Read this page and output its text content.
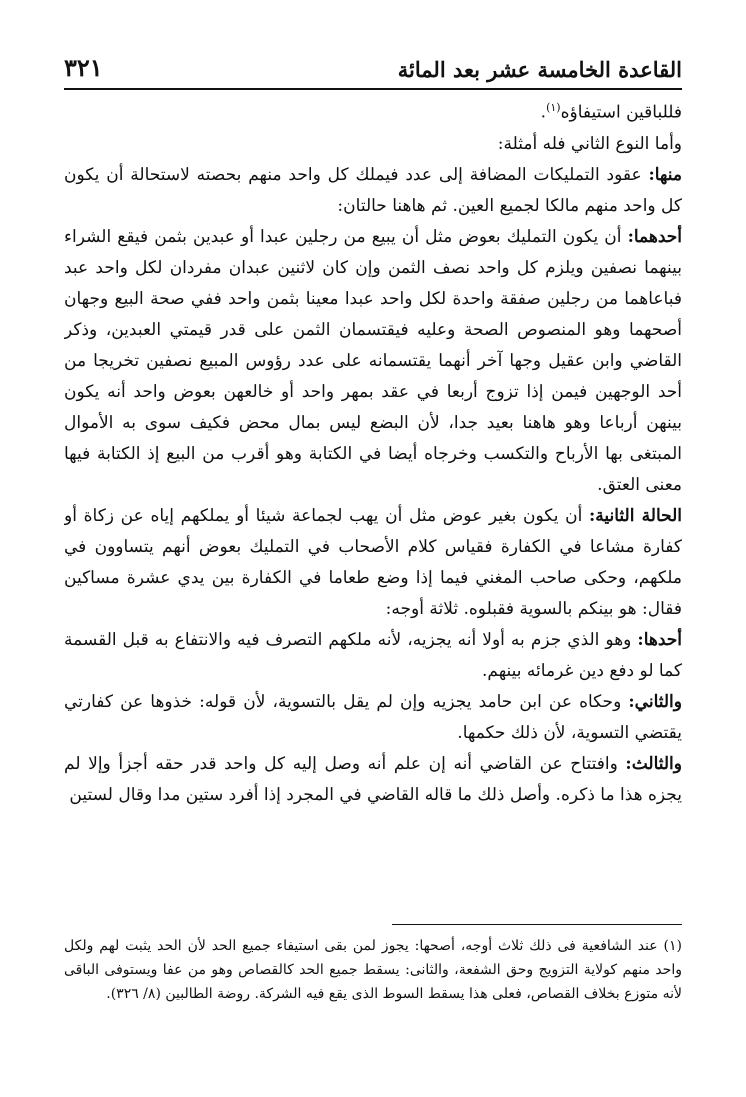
القاعدة الخامسة عشر بعد المائة
٣٢١

فللباقين استيفاؤه$^{(١)}$.

وأما النوع الثاني فله أمثلة:

منها: عقود التمليكات المضافة إلى عدد فيملك كل واحد منهم بحصته لاستحالة أن يكون كل واحد منهم مالكا لجميع العين. ثم هاهنا حالتان:

أحدهما: أن يكون التمليك بعوض مثل أن يبيع من رجلين عبدا أو عبدين بثمن فيقع الشراء بينهما نصفين ويلزم كل واحد نصف الثمن وإن كان لاثنين عبدان مفردان لكل واحد عبد فباعاهما من رجلين صفقة واحدة لكل واحد عبدا معينا بثمن واحد ففي صحة البيع وجهان أصحهما وهو المنصوص الصحة وعليه فيقتسمان الثمن على قدر قيمتي العبدين، وذكر القاضي وابن عقيل وجها آخر أنهما يقتسمانه على عدد رؤوس المبيع نصفين تخريجا من أحد الوجهين فيمن إذا تزوج أربعا في عقد بمهر واحد أو خالعهن بعوض واحد أنه يكون بينهن أرباعا وهو هاهنا بعيد جدا، لأن البضع ليس بمال محض فكيف سوى به الأموال المبتغى بها الأرباح والتكسب وخرجاه أيضا في الكتابة وهو أقرب من البيع إذ الكتابة فيها معنى العتق.

الحالة الثانية: أن يكون بغير عوض مثل أن يهب لجماعة شيئا أو يملكهم إياه عن زكاة أو كفارة مشاعا في الكفارة فقياس كلام الأصحاب في التمليك بعوض أنهم يتساوون في ملكهم، وحكى صاحب المغني فيما إذا وضع طعاما في الكفارة بين يدي عشرة مساكين فقال: هو بينكم بالسوية فقبلوه. ثلاثة أوجه:

أحدها: وهو الذي جزم به أولا أنه يجزيه، لأنه ملكهم التصرف فيه والانتفاع به قبل القسمة كما لو دفع دين غرمائه بينهم.

والثاني: وحكاه عن ابن حامد يجزيه وإن لم يقل بالتسوية، لأن قوله: خذوها عن كفارتي يقتضي التسوية، لأن ذلك حكمها.

والثالث: وافتتاح عن القاضي أنه إن علم أنه وصل إليه كل واحد قدر حقه أجزأ وإلا لم يجزه هذا ما ذكره. وأصل ذلك ما قاله القاضي في المجرد إذا أفرد ستين مدا وقال لستين

(١) عند الشافعية فى ذلك ثلاث أوجه، أصحها: يجوز لمن بقى استيفاء جميع الحد لأن الحد يثبت لهم ولكل واحد منهم كولاية التزويج وحق الشفعة، والثانى: يسقط جميع الحد كالقصاص وهو من عفا ويستوفى الباقى لأنه متوزع بخلاف القصاص، فعلى هذا يسقط السوط الذى يقع فيه الشركة. روضة الطالبين (٨/ ٣٢٦).
